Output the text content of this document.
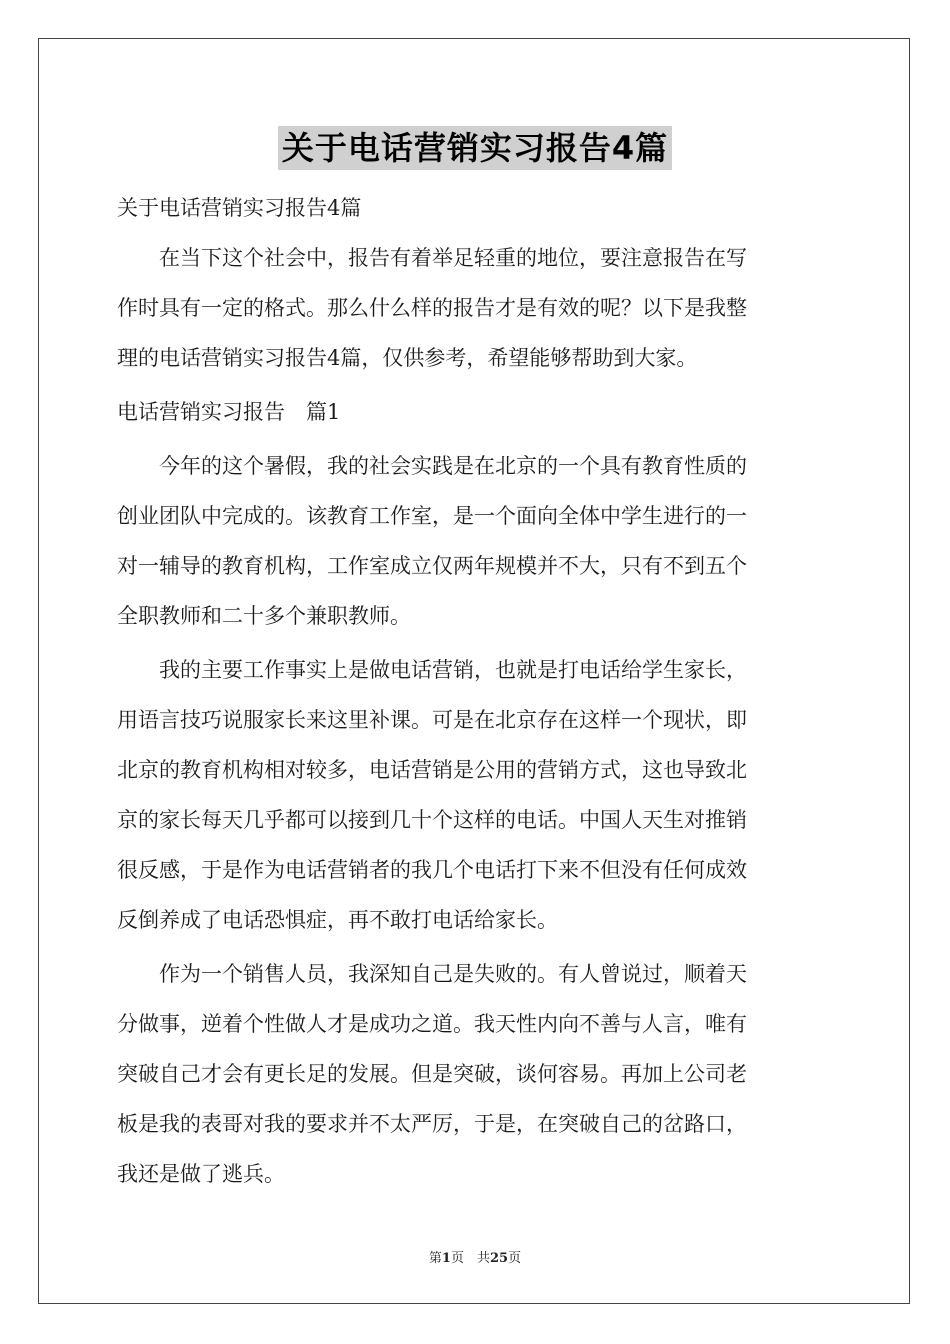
关于电话营销实习报告4篇
关于电话营销实习报告4篇
　　在当下这个社会中，报告有着举足轻重的地位，要注意报告在写
作时具有一定的格式。那么什么样的报告才是有效的呢？以下是我整
理的电话营销实习报告4篇，仅供参考，希望能够帮助到大家。
电话营销实习报告　篇1
　　今年的这个暑假，我的社会实践是在北京的一个具有教育性质的
创业团队中完成的。该教育工作室，是一个面向全体中学生进行的一
对一辅导的教育机构，工作室成立仅两年规模并不大，只有不到五个
全职教师和二十多个兼职教师。
　　我的主要工作事实上是做电话营销，也就是打电话给学生家长，
用语言技巧说服家长来这里补课。可是在北京存在这样一个现状，即
北京的教育机构相对较多，电话营销是公用的营销方式，这也导致北
京的家长每天几乎都可以接到几十个这样的电话。中国人天生对推销
很反感，于是作为电话营销者的我几个电话打下来不但没有任何成效
反倒养成了电话恐惧症，再不敢打电话给家长。
　　作为一个销售人员，我深知自己是失败的。有人曾说过，顺着天
分做事，逆着个性做人才是成功之道。我天性内向不善与人言，唯有
突破自己才会有更长足的发展。但是突破，谈何容易。再加上公司老
板是我的表哥对我的要求并不太严厉，于是，在突破自己的岔路口，
我还是做了逃兵。
第1页　共25页
